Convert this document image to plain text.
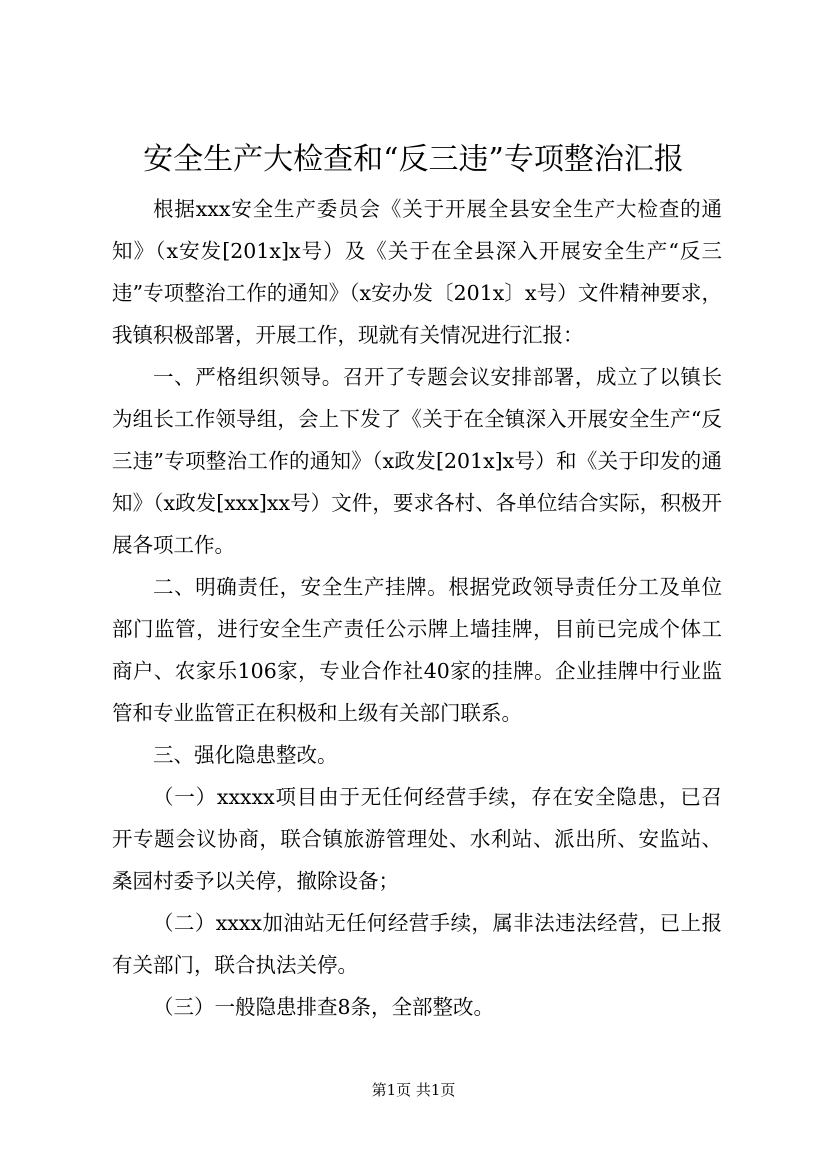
安全生产大检查和“反三违”专项整治汇报

根据xxx安全生产委员会《关于开展全县安全生产大检查的通知》（x安发[201x]x号）及《关于在全县深入开展安全生产“反三违”专项整治工作的通知》（x安办发〔201x〕x号）文件精神要求，我镇积极部署，开展工作，现就有关情况进行汇报：

一、严格组织领导。召开了专题会议安排部署，成立了以镇长为组长工作领导组，会上下发了《关于在全镇深入开展安全生产“反三违”专项整治工作的通知》（x政发[201x]x号）和《关于印发的通知》（x政发[xxx]xx号）文件，要求各村、各单位结合实际，积极开展各项工作。

二、明确责任，安全生产挂牌。根据党政领导责任分工及单位部门监管，进行安全生产责任公示牌上墙挂牌，目前已完成个体工商户、农家乐106家，专业合作社40家的挂牌。企业挂牌中行业监管和专业监管正在积极和上级有关部门联系。

三、强化隐患整改。

（一）xxxxx项目由于无任何经营手续，存在安全隐患，已召开专题会议协商，联合镇旅游管理处、水利站、派出所、安监站、桑园村委予以关停，撤除设备；

（二）xxxx加油站无任何经营手续，属非法违法经营，已上报有关部门，联合执法关停。

（三）一般隐患排查8条，全部整改。

第1页 共1页
